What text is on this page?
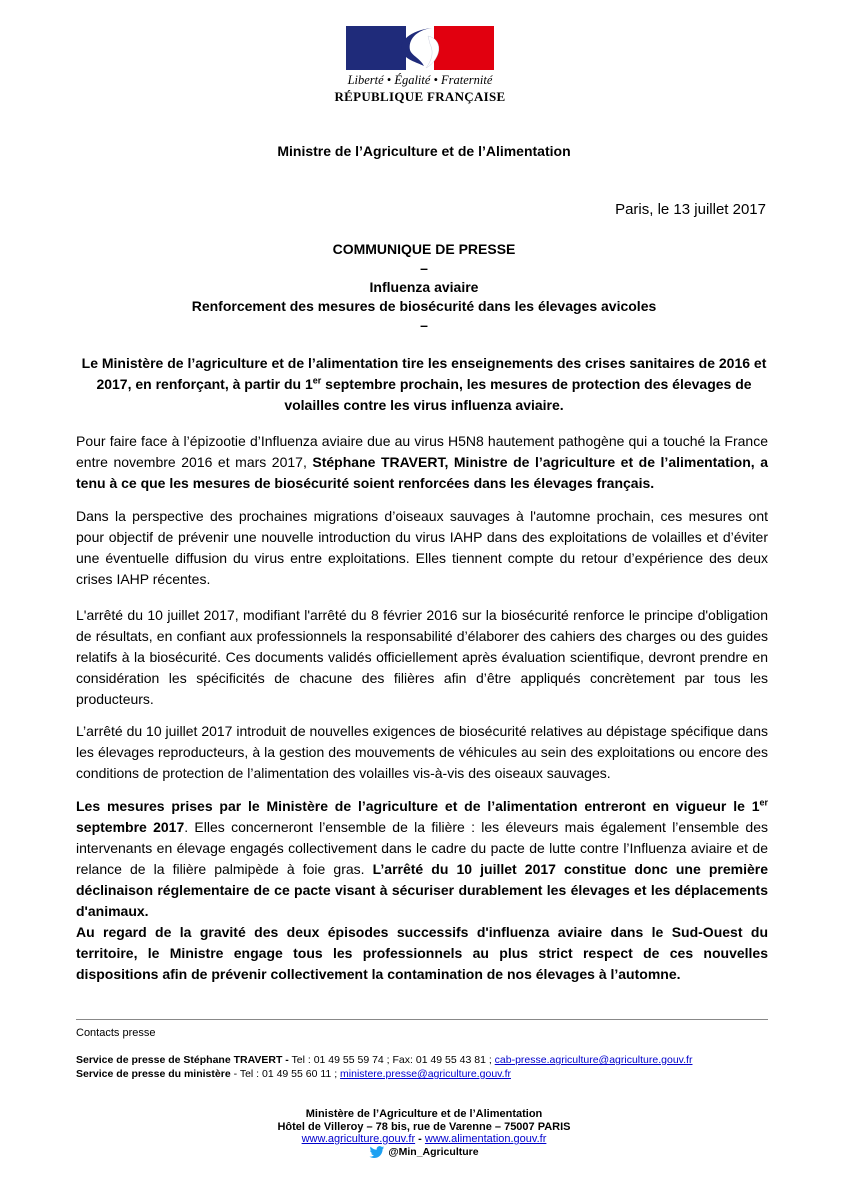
Liberté • Égalité • Fraternité
RÉPUBLIQUE FRANÇAISE
Ministre de l’Agriculture et de l’Alimentation
Paris, le 13 juillet 2017
COMMUNIQUE DE PRESSE
–
Influenza aviaire
Renforcement des mesures de biosécurité dans les élevages avicoles
–
Le Ministère de l’agriculture et de l’alimentation tire les enseignements des crises sanitaires de 2016 et 2017, en renforçant, à partir du 1er septembre prochain, les mesures de protection des élevages de volailles contre les virus influenza aviaire.
Pour faire face à l’épizootie d’Influenza aviaire due au virus H5N8 hautement pathogène qui a touché la France entre novembre 2016 et mars 2017, Stéphane TRAVERT, Ministre de l’agriculture et de l’alimentation, a tenu à ce que les mesures de biosécurité soient renforcées dans les élevages français.
Dans la perspective des prochaines migrations d’oiseaux sauvages à l'automne prochain, ces mesures ont pour objectif de prévenir une nouvelle introduction du virus IAHP dans des exploitations de volailles et d’éviter une éventuelle diffusion du virus entre exploitations. Elles tiennent compte du retour d’expérience des deux crises IAHP récentes.
L'arrêté du 10 juillet 2017, modifiant l'arrêté du 8 février 2016 sur la biosécurité renforce le principe d'obligation de résultats, en confiant aux professionnels la responsabilité d’élaborer des cahiers des charges ou des guides relatifs à la biosécurité. Ces documents validés officiellement après évaluation scientifique, devront prendre en considération les spécificités de chacune des filières afin d’être appliqués concrètement par tous les producteurs.
L’arrêté du 10 juillet 2017 introduit de nouvelles exigences de biosécurité relatives au dépistage spécifique dans les élevages reproducteurs, à la gestion des mouvements de véhicules au sein des exploitations ou encore des conditions de protection de l’alimentation des volailles vis-à-vis des oiseaux sauvages.
Les mesures prises par le Ministère de l’agriculture et de l’alimentation entreront en vigueur le 1er septembre 2017. Elles concerneront l’ensemble de la filière : les éleveurs mais également l’ensemble des intervenants en élevage engagés collectivement dans le cadre du pacte de lutte contre l’Influenza aviaire et de relance de la filière palmipède à foie gras. L’arrêté du 10 juillet 2017 constitue donc une première déclinaison réglementaire de ce pacte visant à sécuriser durablement les élevages et les déplacements d'animaux.
Au regard de la gravité des deux épisodes successifs d'influenza aviaire dans le Sud-Ouest du territoire, le Ministre engage tous les professionnels au plus strict respect de ces nouvelles dispositions afin de prévenir collectivement la contamination de nos élevages à l’automne.
Contacts presse
Service de presse de Stéphane TRAVERT - Tel : 01 49 55 59 74 ; Fax: 01 49 55 43 81 ; cab-presse.agriculture@agriculture.gouv.fr
Service de presse du ministère - Tel : 01 49 55 60 11 ; ministere.presse@agriculture.gouv.fr
Ministère de l’Agriculture et de l’Alimentation
Hôtel de Villeroy – 78 bis, rue de Varenne – 75007 PARIS
www.agriculture.gouv.fr - www.alimentation.gouv.fr
@Min_Agriculture
